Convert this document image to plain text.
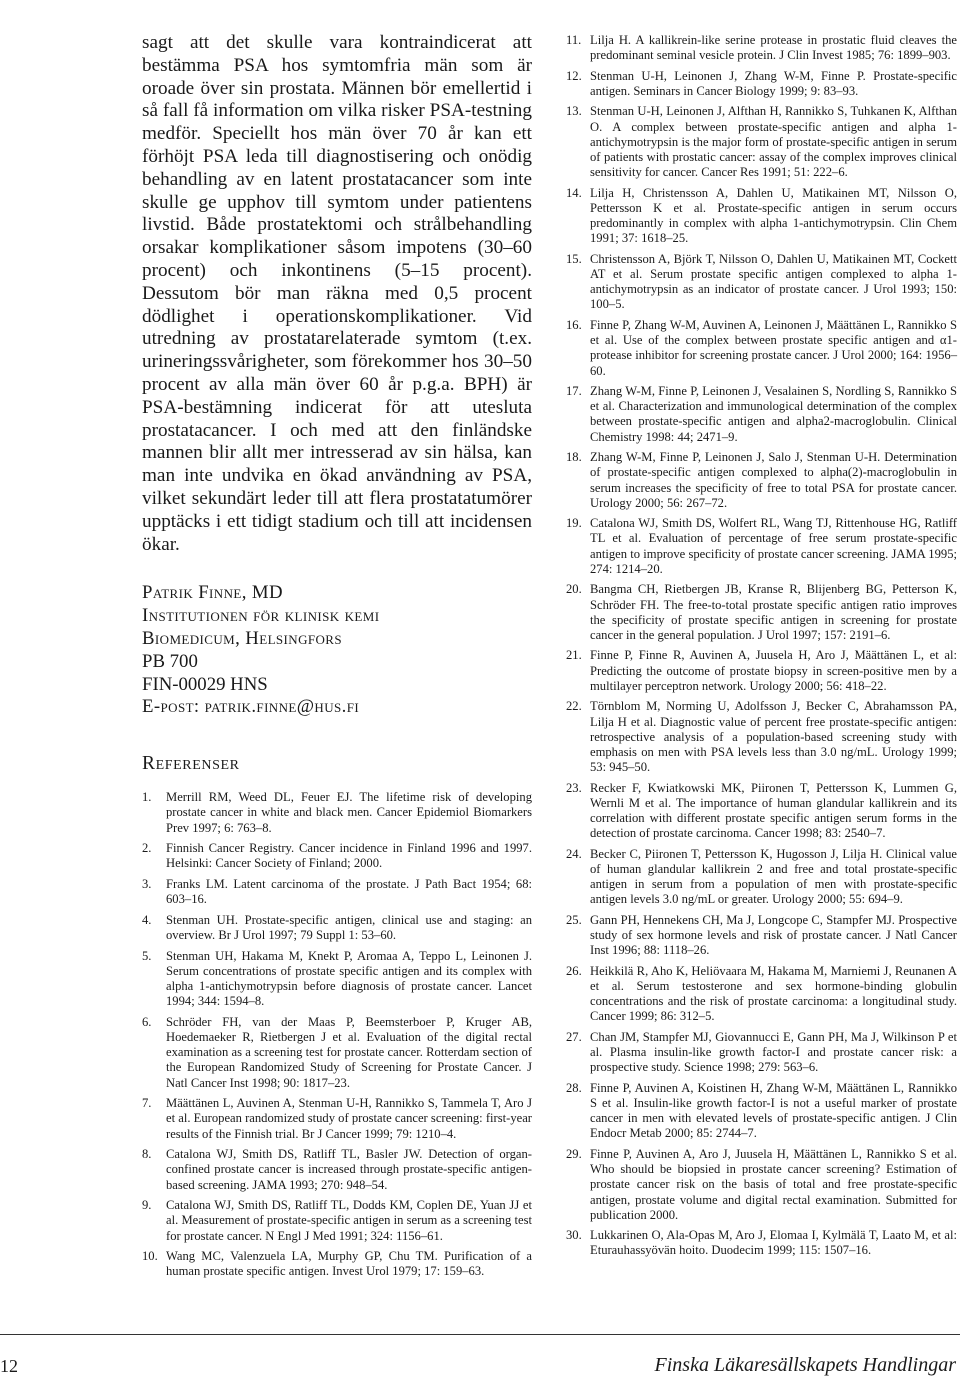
sagt att det skulle vara kontraindicerat att bestämma PSA hos symtomfria män som är oroade över sin prostata. Männen bör emellertid i så fall få information om vilka risker PSA-testning medför. Speciellt hos män över 70 år kan ett förhöjt PSA leda till diagnostisering och onödig behandling av en latent prostatacancer som inte skulle ge upphov till symtom under patientens livstid. Både prostatektomi och strålbehandling orsakar komplikationer såsom impotens (30–60 procent) och inkontinens (5–15 procent). Dessutom bör man räkna med 0,5 procent dödlighet i operationskomplikationer. Vid utredning av prostatarelaterade symtom (t.ex. urineringssvårigheter, som förekommer hos 30–50 procent av alla män över 60 år p.g.a. BPH) är PSA-bestämning indicerat för att utesluta prostatacancer. I och med att den finländske mannen blir allt mer intresserad av sin hälsa, kan man inte undvika en ökad användning av PSA, vilket sekundärt leder till att flera prostatatumörer upptäcks i ett tidigt stadium och till att incidensen ökar.

Patrik Finne, MD
Institutionen för klinisk kemi
Biomedicum, Helsingfors
PB 700
FIN-00029 HNS
E-post: patrik.finne@hus.fi
Referenser
1. Merrill RM, Weed DL, Feuer EJ. The lifetime risk of developing prostate cancer in white and black men. Cancer Epidemiol Biomarkers Prev 1997; 6: 763–8.
2. Finnish Cancer Registry. Cancer incidence in Finland 1996 and 1997. Helsinki: Cancer Society of Finland; 2000.
3. Franks LM. Latent carcinoma of the prostate. J Path Bact 1954; 68: 603–16.
4. Stenman UH. Prostate-specific antigen, clinical use and staging: an overview. Br J Urol 1997; 79 Suppl 1: 53–60.
5. Stenman UH, Hakama M, Knekt P, Aromaa A, Teppo L, Leinonen J. Serum concentrations of prostate specific antigen and its complex with alpha 1-antichymotrypsin before diagnosis of prostate cancer. Lancet 1994; 344: 1594–8.
6. Schröder FH, van der Maas P, Beemsterboer P, Kruger AB, Hoedemaeker R, Rietbergen J et al. Evaluation of the digital rectal examination as a screening test for prostate cancer. Rotterdam section of the European Randomized Study of Screening for Prostate Cancer. J Natl Cancer Inst 1998; 90: 1817–23.
7. Määttänen L, Auvinen A, Stenman U-H, Rannikko S, Tammela T, Aro J et al. European randomized study of prostate cancer screening: first-year results of the Finnish trial. Br J Cancer 1999; 79: 1210–4.
8. Catalona WJ, Smith DS, Ratliff TL, Basler JW. Detection of organ-confined prostate cancer is increased through prostate-specific antigen-based screening. JAMA 1993; 270: 948–54.
9. Catalona WJ, Smith DS, Ratliff TL, Dodds KM, Coplen DE, Yuan JJ et al. Measurement of prostate-specific antigen in serum as a screening test for prostate cancer. N Engl J Med 1991; 324: 1156–61.
10. Wang MC, Valenzuela LA, Murphy GP, Chu TM. Purification of a human prostate specific antigen. Invest Urol 1979; 17: 159–63.
11. Lilja H. A kallikrein-like serine protease in prostatic fluid cleaves the predominant seminal vesicle protein. J Clin Invest 1985; 76: 1899–903.
12. Stenman U-H, Leinonen J, Zhang W-M, Finne P. Prostate-specific antigen. Seminars in Cancer Biology 1999; 9: 83–93.
13. Stenman U-H, Leinonen J, Alfthan H, Rannikko S, Tuhkanen K, Alfthan O. A complex between prostate-specific antigen and alpha 1-antichymotrypsin is the major form of prostate-specific antigen in serum of patients with prostatic cancer: assay of the complex improves clinical sensitivity for cancer. Cancer Res 1991; 51: 222–6.
14. Lilja H, Christensson A, Dahlen U, Matikainen MT, Nilsson O, Pettersson K et al. Prostate-specific antigen in serum occurs predominantly in complex with alpha 1-antichymotrypsin. Clin Chem 1991; 37: 1618–25.
15. Christensson A, Björk T, Nilsson O, Dahlen U, Matikainen MT, Cockett AT et al. Serum prostate specific antigen complexed to alpha 1-antichymotrypsin as an indicator of prostate cancer. J Urol 1993; 150: 100–5.
16. Finne P, Zhang W-M, Auvinen A, Leinonen J, Määttänen L, Rannikko S et al. Use of the complex between prostate specific antigen and α1-protease inhibitor for screening prostate cancer. J Urol 2000; 164: 1956–60.
17. Zhang W-M, Finne P, Leinonen J, Vesalainen S, Nordling S, Rannikko S et al. Characterization and immunological determination of the complex between prostate-specific antigen and alpha2-macroglobulin. Clinical Chemistry 1998: 44; 2471–9.
18. Zhang W-M, Finne P, Leinonen J, Salo J, Stenman U-H. Determination of prostate-specific antigen complexed to alpha(2)-macroglobulin in serum increases the specificity of free to total PSA for prostate cancer. Urology 2000; 56: 267–72.
19. Catalona WJ, Smith DS, Wolfert RL, Wang TJ, Rittenhouse HG, Ratliff TL et al. Evaluation of percentage of free serum prostate-specific antigen to improve specificity of prostate cancer screening. JAMA 1995; 274: 1214–20.
20. Bangma CH, Rietbergen JB, Kranse R, Blijenberg BG, Petterson K, Schröder FH. The free-to-total prostate specific antigen ratio improves the specificity of prostate specific antigen in screening for prostate cancer in the general population. J Urol 1997; 157: 2191–6.
21. Finne P, Finne R, Auvinen A, Juusela H, Aro J, Määttänen L, et al: Predicting the outcome of prostate biopsy in screen-positive men by a multilayer perceptron network. Urology 2000; 56: 418–22.
22. Törnblom M, Norming U, Adolfsson J, Becker C, Abrahamsson PA, Lilja H et al. Diagnostic value of percent free prostate-specific antigen: retrospective analysis of a population-based screening study with emphasis on men with PSA levels less than 3.0 ng/mL. Urology 1999; 53: 945–50.
23. Recker F, Kwiatkowski MK, Piironen T, Pettersson K, Lummen G, Wernli M et al. The importance of human glandular kallikrein and its correlation with different prostate specific antigen serum forms in the detection of prostate carcinoma. Cancer 1998; 83: 2540–7.
24. Becker C, Piironen T, Pettersson K, Hugosson J, Lilja H. Clinical value of human glandular kallikrein 2 and free and total prostate-specific antigen in serum from a population of men with prostate-specific antigen levels 3.0 ng/mL or greater. Urology 2000; 55: 694–9.
25. Gann PH, Hennekens CH, Ma J, Longcope C, Stampfer MJ. Prospective study of sex hormone levels and risk of prostate cancer. J Natl Cancer Inst 1996; 88: 1118–26.
26. Heikkilä R, Aho K, Heliövaara M, Hakama M, Marniemi J, Reunanen A et al. Serum testosterone and sex hormone-binding globulin concentrations and the risk of prostate carcinoma: a longitudinal study. Cancer 1999; 86: 312–5.
27. Chan JM, Stampfer MJ, Giovannucci E, Gann PH, Ma J, Wilkinson P et al. Plasma insulin-like growth factor-I and prostate cancer risk: a prospective study. Science 1998; 279: 563–6.
28. Finne P, Auvinen A, Koistinen H, Zhang W-M, Määttänen L, Rannikko S et al. Insulin-like growth factor-I is not a useful marker of prostate cancer in men with elevated levels of prostate-specific antigen. J Clin Endocr Metab 2000; 85: 2744–7.
29. Finne P, Auvinen A, Aro J, Juusela H, Määttänen L, Rannikko S et al. Who should be biopsied in prostate cancer screening? Estimation of prostate cancer risk on the basis of total and free prostate-specific antigen, prostate volume and digital rectal examination. Submitted for publication 2000.
30. Lukkarinen O, Ala-Opas M, Aro J, Elomaa I, Kylmälä T, Laato M, et al: Eturauhassyövän hoito. Duodecim 1999; 115: 1507–16.
12	Finska Läkaresällskapets Handlingar
